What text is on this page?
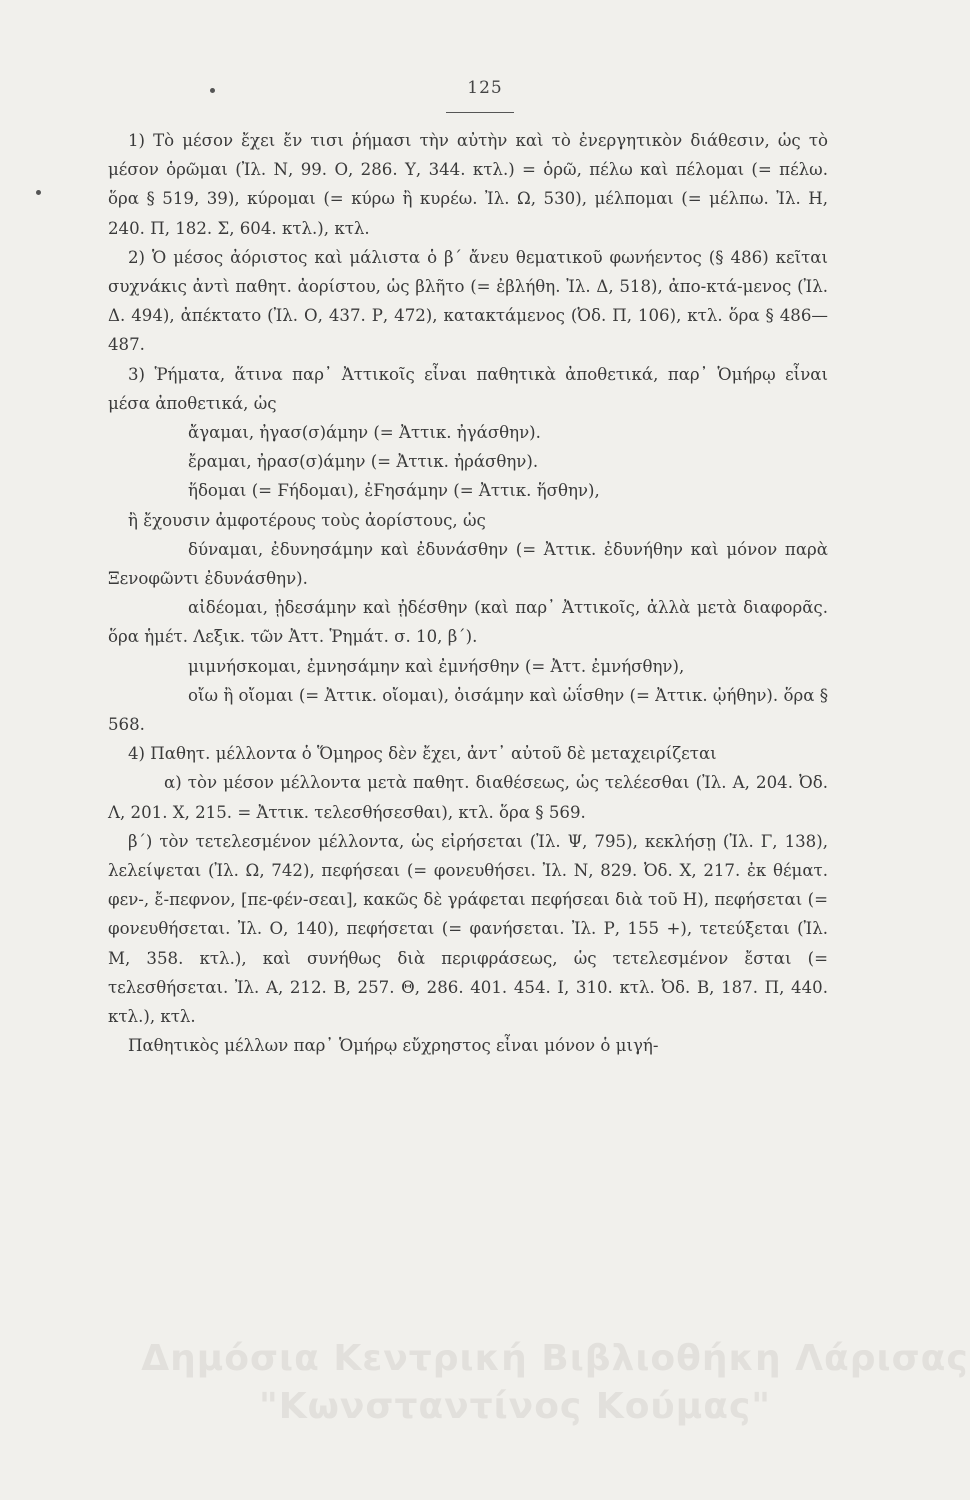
125

1) Τὸ μέσον ἔχει ἔν τισι ῥήμασι τὴν αὐτὴν καὶ τὸ ἐνεργητικὸν διάθεσιν, ὡς τὸ μέσον ὁρῶμαι (Ἰλ. Ν, 99. Ο, 286. Υ, 344. κτλ.) = ὁρῶ, πέλω καὶ πέλομαι (= πέλω. ὅρα § 519, 39), κύρομαι (= κύρω ἢ κυρέω. Ἰλ. Ω, 530), μέλπομαι (= μέλπω. Ἰλ. Η, 240. Π, 182. Σ, 604. κτλ.), κτλ.

2) Ὁ μέσος ἀόριστος καὶ μάλιστα ὁ β΄ ἄνευ θεματικοῦ φωνήεντος (§ 486) κεῖται συχνάκις ἀντὶ παθητ. ἀορίστου, ὡς βλῆτο (= ἐβλήθη. Ἰλ. Δ, 518), ἀπο-κτά-μενος (Ἰλ. Δ. 494), ἀπέκτατο (Ἰλ. Ο, 437. Ρ, 472), κατακτάμενος (Ὀδ. Π, 106), κτλ. ὅρα § 486—487.

3) Ῥήματα, ἅτινα παρ᾽ Ἀττικοῖς εἶναι παθητικὰ ἀποθετικά, παρ᾽ Ὁμήρῳ εἶναι μέσα ἀποθετικά, ὡς

ἄγαμαι, ἠγασ(σ)άμην (= Ἀττικ. ἠγάσθην).

ἔραμαι, ἠρασ(σ)άμην (= Ἀττικ. ἠράσθην).

ἥδομαι (= Ϝήδομαι), ἐϜησάμην (= Ἀττικ. ἥσθην),

ἢ ἔχουσιν ἀμφοτέρους τοὺς ἀορίστους, ὡς

δύναμαι, ἐδυνησάμην καὶ ἐδυνάσθην (= Ἀττικ. ἐδυνήθην καὶ μόνον παρὰ Ξενοφῶντι ἐδυνάσθην).

αἰδέομαι, ᾐδεσάμην καὶ ᾐδέσθην (καὶ παρ᾽ Ἀττικοῖς, ἀλλὰ μετὰ διαφορᾶς. ὅρα ἡμέτ. Λεξικ. τῶν Ἀττ. Ῥημάτ. σ. 10, β΄).

μιμνήσκομαι, ἐμνησάμην καὶ ἐμνήσθην (= Ἀττ. ἐμνήσθην),

οἴω ἢ οἴομαι (= Ἀττικ. οἴομαι), ὀισάμην καὶ ὠΐσθην (= Ἀττικ. ᾠήθην). ὅρα § 568.

4) Παθητ. μέλλοντα ὁ Ὅμηρος δὲν ἔχει, ἀντ᾽ αὐτοῦ δὲ μεταχειρίζεται

α) τὸν μέσον μέλλοντα μετὰ παθητ. διαθέσεως, ὡς τελέεσθαι (Ἰλ. Α, 204. Ὀδ. Λ, 201. Χ, 215. = Ἀττικ. τελεσθήσεσθαι), κτλ. ὅρα § 569.

β΄) τὸν τετελεσμένον μέλλοντα, ὡς εἰρήσεται (Ἰλ. Ψ, 795), κεκλήσῃ (Ἰλ. Γ, 138), λελείψεται (Ἰλ. Ω, 742), πεφήσεαι (= φονευθήσει. Ἰλ. Ν, 829. Ὀδ. Χ, 217. ἐκ θέματ. φεν-, ἔ-πεφνον, [πε-φέν-σεαι], κακῶς δὲ γράφεται πεφήσεαι διὰ τοῦ Η), πεφήσεται (= φονευθήσεται. Ἰλ. Ο, 140), πεφήσεται (= φανήσεται. Ἰλ. Ρ, 155 +), τετεύξεται (Ἰλ. Μ, 358. κτλ.), καὶ συνήθως διὰ περιφράσεως, ὡς τετελεσμένον ἔσται (= τελεσθήσεται. Ἰλ. Α, 212. Β, 257. Θ, 286. 401. 454. Ι, 310. κτλ. Ὀδ. Β, 187. Π, 440. κτλ.), κτλ.

Παθητικὸς μέλλων παρ᾽ Ὁμήρῳ εὔχρηστος εἶναι μόνον ὁ μιγή-

Δημόσια Κεντρική Βιβλιοθήκη Λάρισας
"Κωνσταντίνος Κούμας"
